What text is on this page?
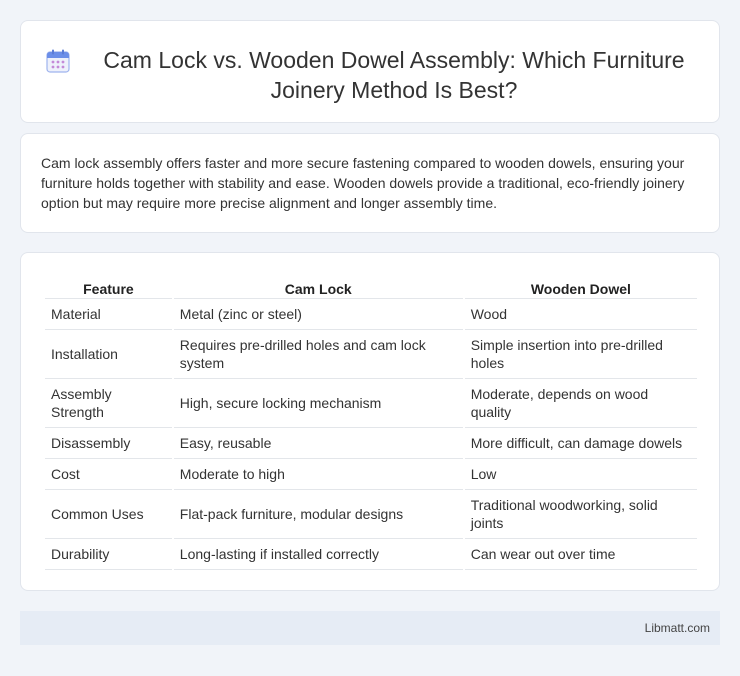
Cam Lock vs. Wooden Dowel Assembly: Which Furniture Joinery Method Is Best?

Cam lock assembly offers faster and more secure fastening compared to wooden dowels, ensuring your furniture holds together with stability and ease. Wooden dowels provide a traditional, eco-friendly joinery option but may require more precise alignment and longer assembly time.

Feature	Cam Lock	Wooden Dowel
Material	Metal (zinc or steel)	Wood
Installation	Requires pre-drilled holes and cam lock system	Simple insertion into pre-drilled holes
Assembly Strength	High, secure locking mechanism	Moderate, depends on wood quality
Disassembly	Easy, reusable	More difficult, can damage dowels
Cost	Moderate to high	Low
Common Uses	Flat-pack furniture, modular designs	Traditional woodworking, solid joints
Durability	Long-lasting if installed correctly	Can wear out over time
Libmatt.com
